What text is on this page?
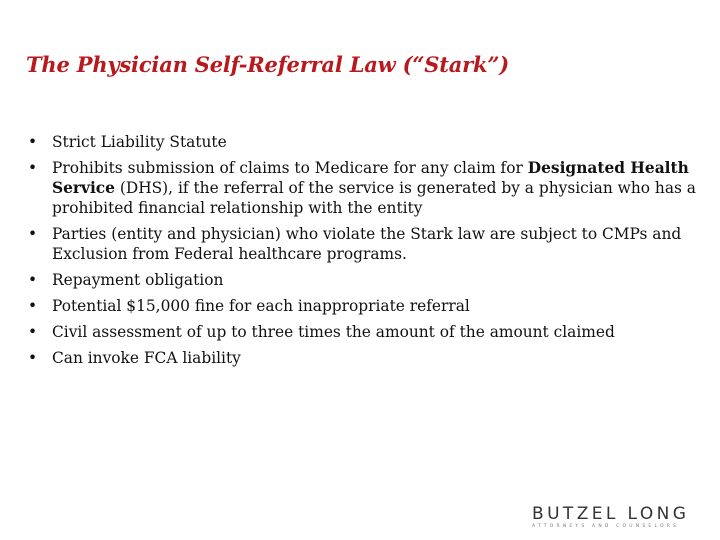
The Physician Self-Referral Law (“Stark”)
• Strict Liability Statute
• Prohibits submission of claims to Medicare for any claim for Designated Health Service (DHS), if the referral of the service is generated by a physician who has a prohibited financial relationship with the entity
• Parties (entity and physician) who violate the Stark law are subject to CMPs and Exclusion from Federal healthcare programs.
• Repayment obligation
• Potential $15,000 fine for each inappropriate referral
• Civil assessment of up to three times the amount of the amount claimed
• Can invoke FCA liability
BUTZEL LONG
ATTORNEYS AND COUNSELORS
